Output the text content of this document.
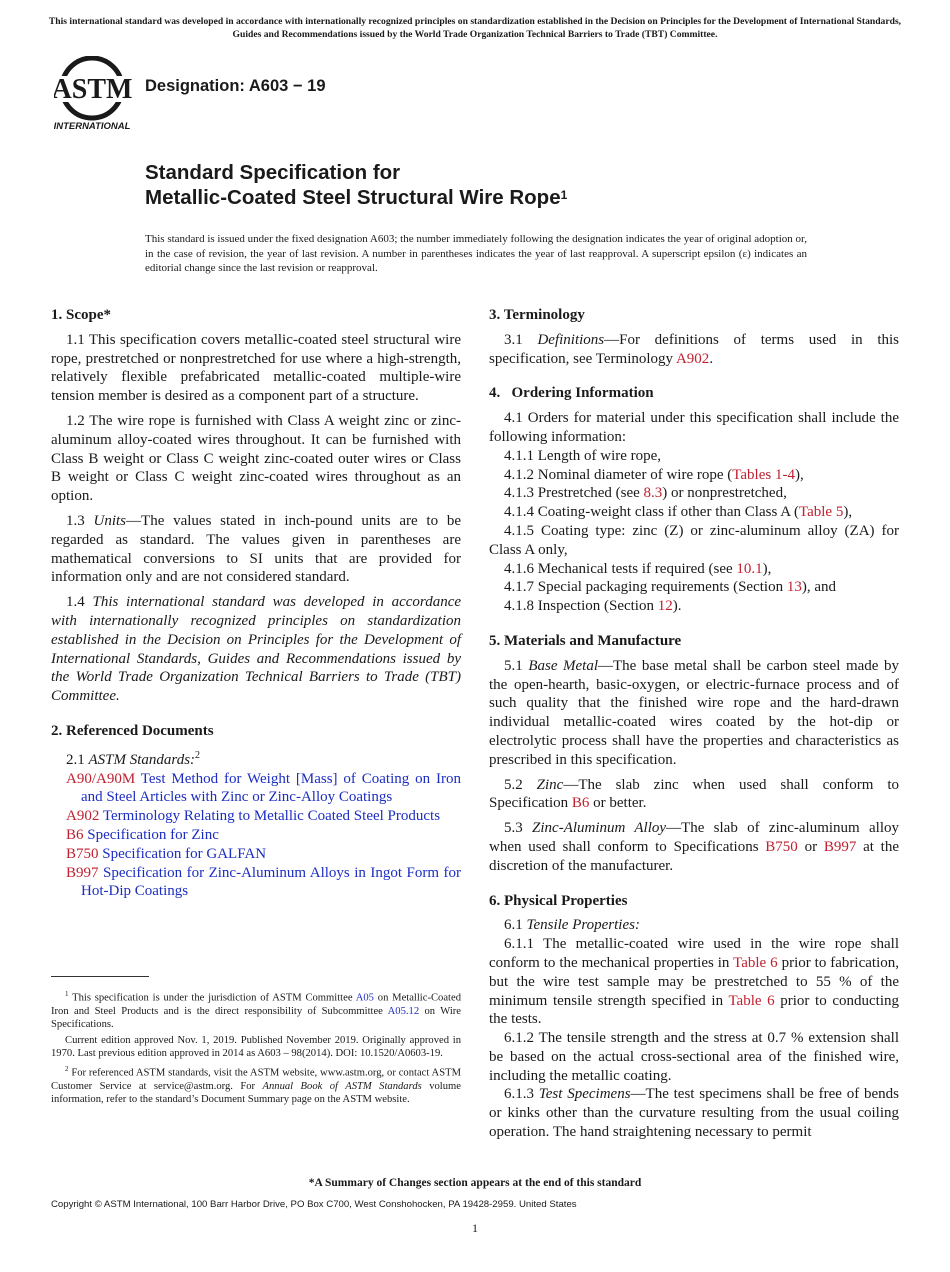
This international standard was developed in accordance with internationally recognized principles on standardization established in the Decision on Principles for the Development of International Standards, Guides and Recommendations issued by the World Trade Organization Technical Barriers to Trade (TBT) Committee.
ASTM
INTERNATIONAL
Designation: A603 − 19
Standard Specification for
Metallic-Coated Steel Structural Wire Rope$^1$
This standard is issued under the fixed designation A603; the number immediately following the designation indicates the year of original adoption or, in the case of revision, the year of last revision. A number in parentheses indicates the year of last reapproval. A superscript epsilon (ε) indicates an editorial change since the last revision or reapproval.
1. Scope*

1.1 This specification covers metallic-coated steel structural wire rope, prestretched or nonprestretched for use where a high-strength, relatively flexible prefabricated metallic-coated multiple-wire tension member is desired as a component part of a structure.

1.2 The wire rope is furnished with Class A weight zinc or zinc-aluminum alloy-coated wires throughout. It can be furnished with Class B weight or Class C weight zinc-coated outer wires or Class B weight or Class C weight zinc-coated wires throughout as an option.

1.3 Units—The values stated in inch-pound units are to be regarded as standard. The values given in parentheses are mathematical conversions to SI units that are provided for information only and are not considered standard.

1.4 This international standard was developed in accordance with internationally recognized principles on standardization established in the Decision on Principles for the Development of International Standards, Guides and Recommendations issued by the World Trade Organization Technical Barriers to Trade (TBT) Committee.

2. Referenced Documents

2.1 ASTM Standards:$^2$

A90/A90M Test Method for Weight [Mass] of Coating on Iron and Steel Articles with Zinc or Zinc-Alloy Coatings

A902 Terminology Relating to Metallic Coated Steel Products

B6 Specification for Zinc

B750 Specification for GALFAN

B997 Specification for Zinc-Aluminum Alloys in Ingot Form for Hot-Dip Coatings

$^1$ This specification is under the jurisdiction of ASTM Committee A05 on Metallic-Coated Iron and Steel Products and is the direct responsibility of Subcommittee A05.12 on Wire Specifications.

Current edition approved Nov. 1, 2019. Published November 2019. Originally approved in 1970. Last previous edition approved in 2014 as A603 – 98(2014). DOI: 10.1520/A0603-19.

$^2$ For referenced ASTM standards, visit the ASTM website, www.astm.org, or contact ASTM Customer Service at service@astm.org. For Annual Book of ASTM Standards volume information, refer to the standard’s Document Summary page on the ASTM website.

3. Terminology

3.1 Definitions—For definitions of terms used in this specification, see Terminology A902.

4.   Ordering Information

4.1 Orders for material under this specification shall include the following information:

4.1.1 Length of wire rope,

4.1.2 Nominal diameter of wire rope (Tables 1-4),

4.1.3 Prestretched (see 8.3) or nonprestretched,

4.1.4 Coating-weight class if other than Class A (Table 5),

4.1.5 Coating type: zinc (Z) or zinc-aluminum alloy (ZA) for Class A only,

4.1.6 Mechanical tests if required (see 10.1),

4.1.7 Special packaging requirements (Section 13), and

4.1.8 Inspection (Section 12).

5. Materials and Manufacture

5.1 Base Metal—The base metal shall be carbon steel made by the open-hearth, basic-oxygen, or electric-furnace process and of such quality that the finished wire rope and the hard-drawn individual metallic-coated wires coated by the hot-dip or electrolytic process shall have the properties and characteristics as prescribed in this specification.

5.2 Zinc—The slab zinc when used shall conform to Specification B6 or better.

5.3 Zinc-Aluminum Alloy—The slab of zinc-aluminum alloy when used shall conform to Specifications B750 or B997 at the discretion of the manufacturer.

6. Physical Properties

6.1 Tensile Properties:

6.1.1 The metallic-coated wire used in the wire rope shall conform to the mechanical properties in Table 6 prior to fabrication, but the wire test sample may be prestretched to 55 % of the minimum tensile strength specified in Table 6 prior to conducting the tests.

6.1.2 The tensile strength and the stress at 0.7 % extension shall be based on the actual cross-sectional area of the finished wire, including the metallic coating.

6.1.3 Test Specimens—The test specimens shall be free of bends or kinks other than the curvature resulting from the usual coiling operation. The hand straightening necessary to permit

*A Summary of Changes section appears at the end of this standard
Copyright © ASTM International, 100 Barr Harbor Drive, PO Box C700, West Conshohocken, PA 19428-2959. United States
1
